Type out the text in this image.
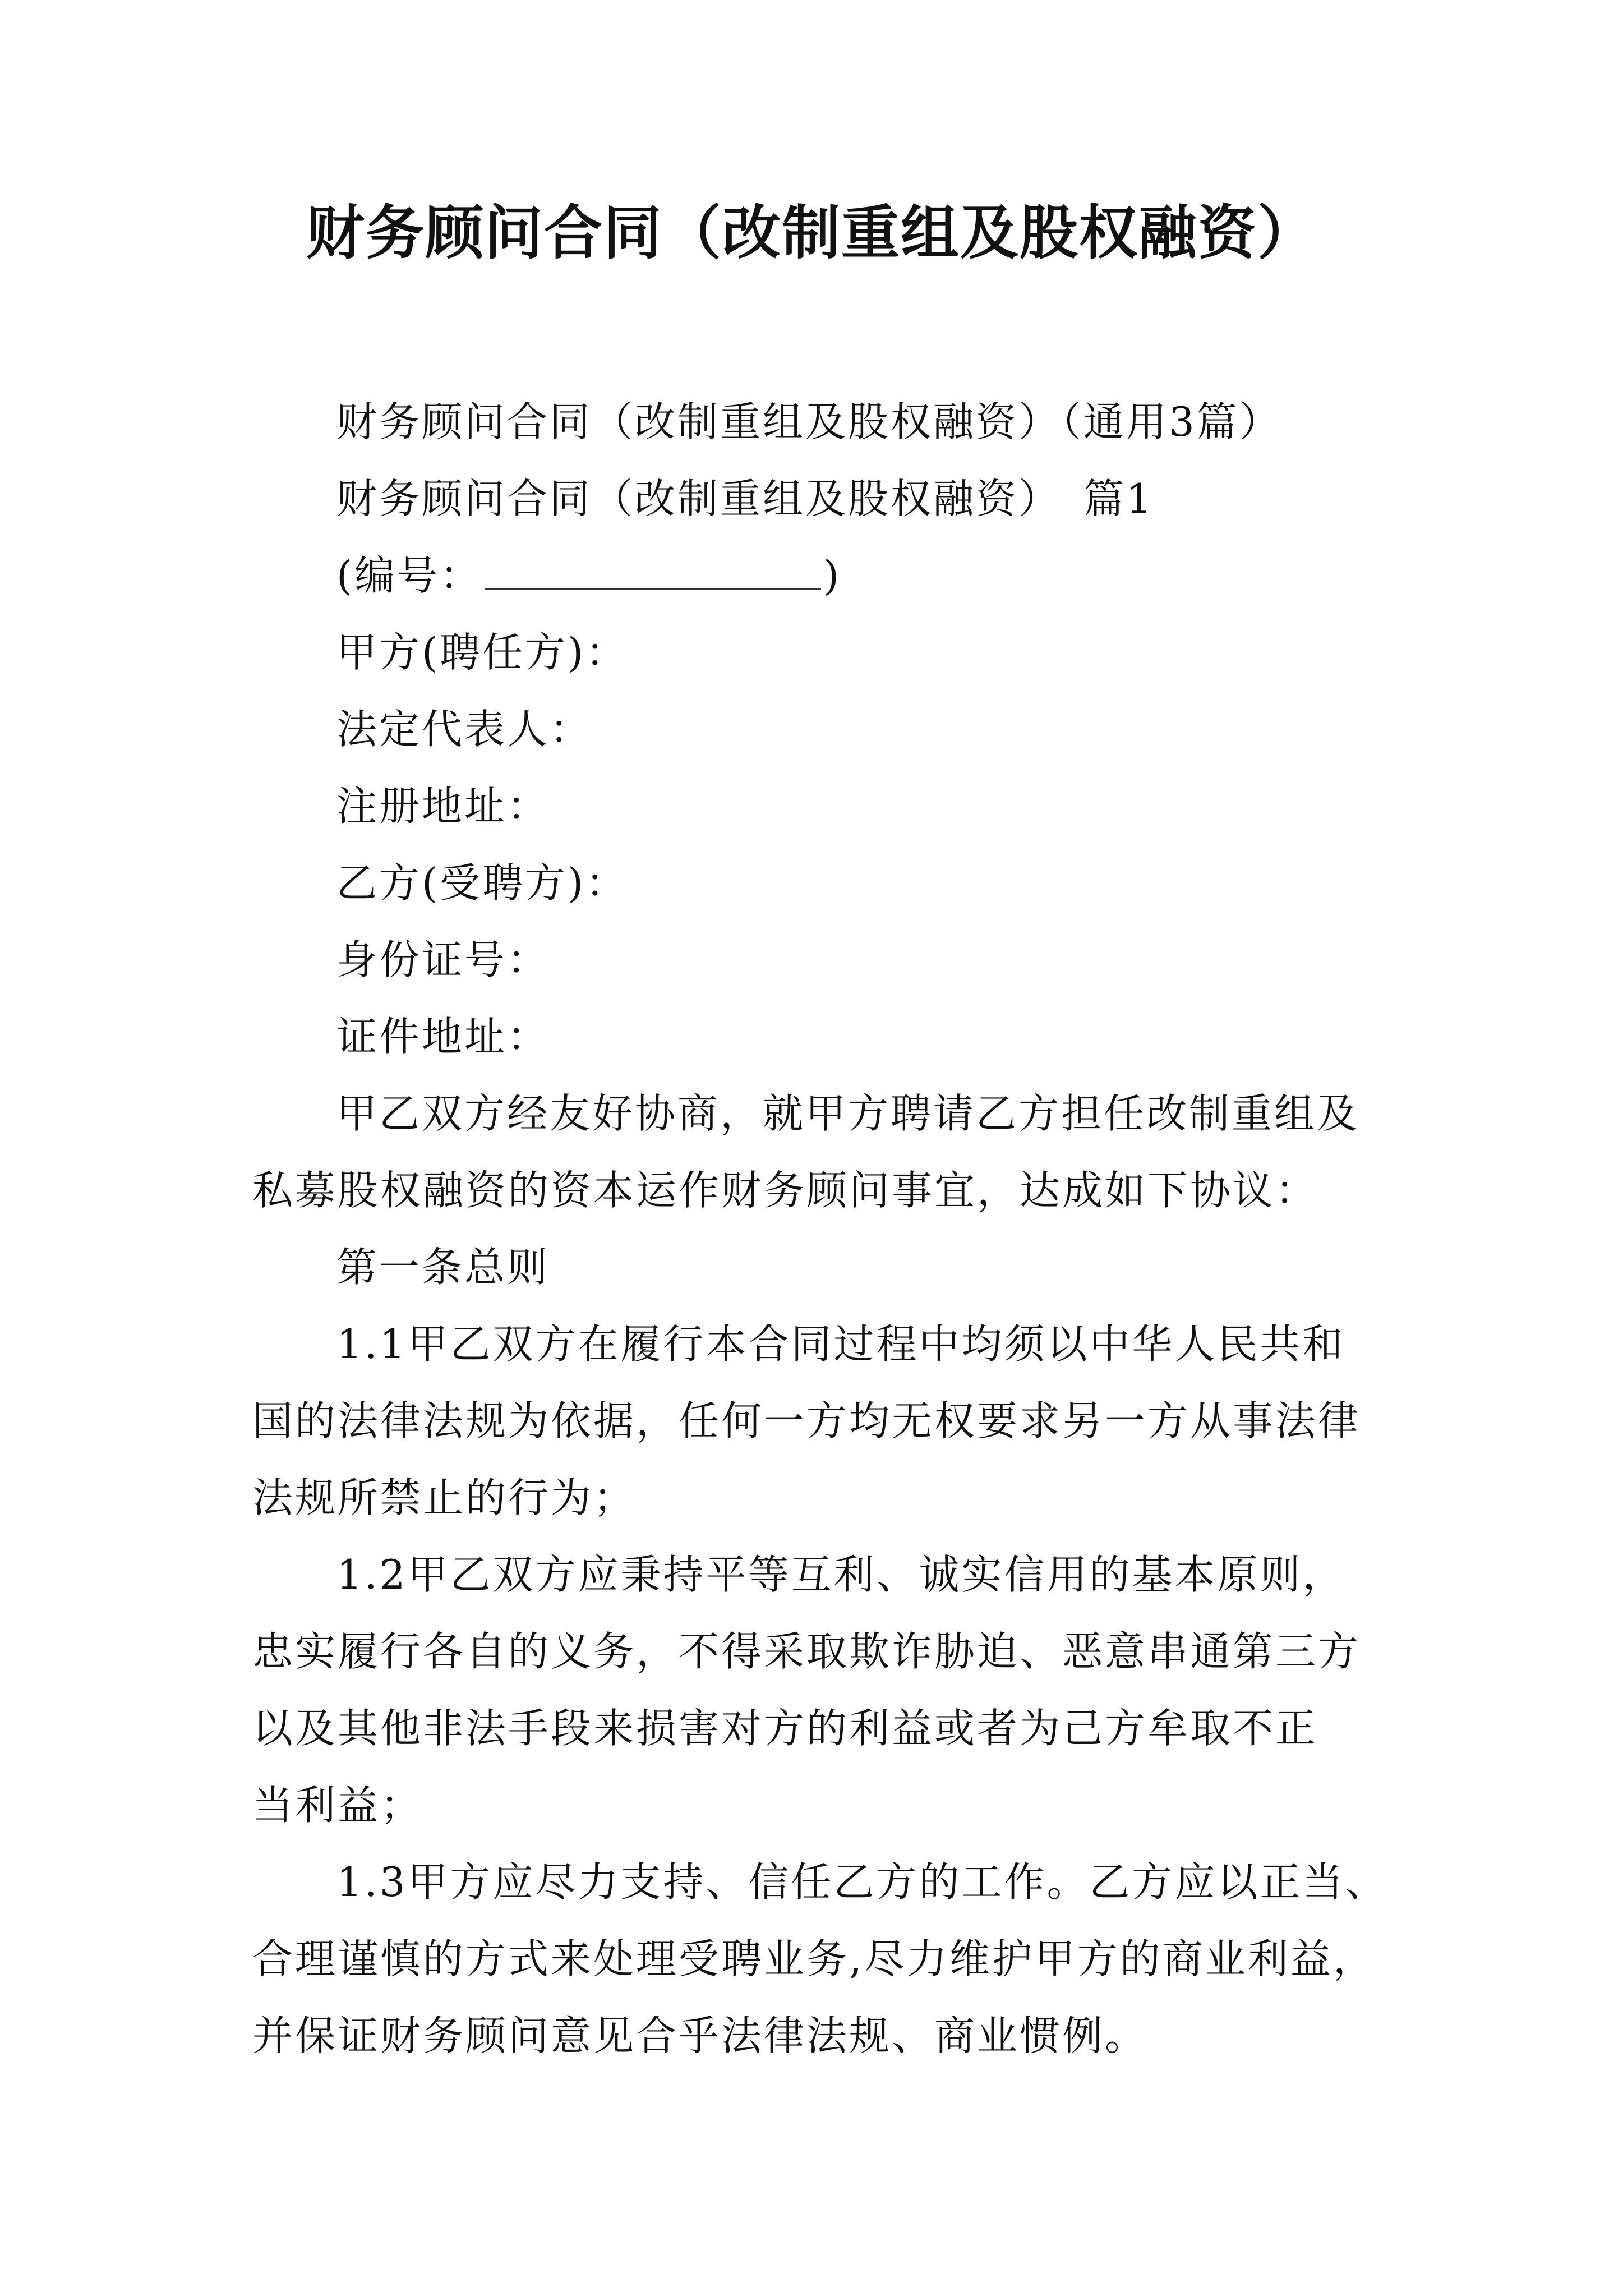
财务顾问合同（改制重组及股权融资）
财务顾问合同（改制重组及股权融资）（通用3篇）
财务顾问合同（改制重组及股权融资）　篇1
(编号：	)
甲方(聘任方)：
法定代表人：
注册地址：
乙方(受聘方)：
身份证号：
证件地址：
甲乙双方经友好协商，就甲方聘请乙方担任改制重组及
私募股权融资的资本运作财务顾问事宜，达成如下协议：
第一条总则
1.1甲乙双方在履行本合同过程中均须以中华人民共和
国的法律法规为依据，任何一方均无权要求另一方从事法律
法规所禁止的行为；
1.2甲乙双方应秉持平等互利、诚实信用的基本原则，
忠实履行各自的义务，不得采取欺诈胁迫、恶意串通第三方
以及其他非法手段来损害对方的利益或者为己方牟取不正
当利益；
1.3甲方应尽力支持、信任乙方的工作。乙方应以正当、
合理谨慎的方式来处理受聘业务,尽力维护甲方的商业利益，
并保证财务顾问意见合乎法律法规、商业惯例。
